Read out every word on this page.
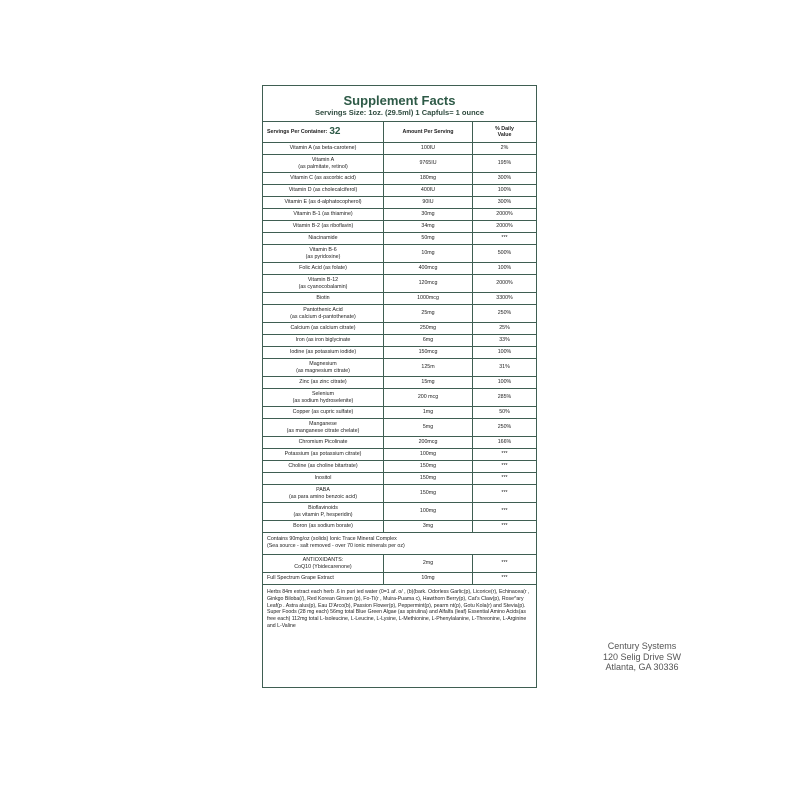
Supplement Facts
Servings Size: 1oz. (29.5ml) 1 Capfuls= 1 ounce
Servings Per Container: 32	Amount Per Serving
% Daily
Value
Vitamin A (as beta-carotene)	100IU	2%
Vitamin A
(as palmitate, retinol)
9765IU	195%
Vitamin C (as ascorbic acid)	180mg	300%
Vitamin D (as cholecalciferol)	400IU	100%
Vitamin E (as d-alphatocopherol)	90IU	300%
Vitamin B-1 (as thiamine)	30mg	2000%
Vitamin B-2 (as riboflavin)	34mg	2000%
Niacinamide	50mg	***
Vitamin B-6
(as pyridoxine)
10mg	500%
Folic Acid (as folate)	400mcg	100%
Vitamin B-12
(as cyanocobalamin)
120mcg	2000%
Biotin	1000mcg	3300%
Pantothenic Acid
(as calcium d-pantothenate)
25mg	250%
Calcium (as calcium citrate)	250mg	25%
Iron (as iron biglycinate	6mg	33%
Iodine (as potassium iodide)	150mcg	100%
Magnesium
(as magnesium citrate)
125m	31%
Zinc (as zinc citrate)	15mg	100%
Selenium
(as sodium hydroselenite)
200 mcg	285%
Copper (as cupric sulfate)	1mg	50%
Manganese
(as manganese citrate chelate)
5mg	250%
Chromium Picolinate	200mcg	166%
Potassium (as potassium citrate)	100mg	***
Choline (as choline bitartrate)	150mg	***
Inositol	150mg	***
PABA
(as para amino benzoic acid)
150mg	***
Bioflavinoids
(as vitamin P, hesperidin)
100mg	***
Boron (as sodium borate)	3mg	***
Contains 90mg/oz (solids) Ionic Trace Mineral Complex
(Sea source - salt removed - over 70 ionic minerals per oz)
ANTIOXIDANTS:
CoQ10 (Ybidecarenone)
2mg	***
Full Spectrum Grape Extract	10mg	***
Herbs 84m extract each herb .6 in puri ied water (0=1 af. o/ , (b)(bark. Odorless Garlic(p), Licorice(r), Echinacea(r , Ginkgo Biloba(/), Red Korean Ginsen (p), Fo-Ti(r , Muira-Puama c), Hawthorn Berry(p), Cat's Claw(p), Rose^ary Leaf(p . Astra alus(p), Eau D'Arco(b), Passion Flower(p), Peppermint(p), pearm nt(p), Gotu Kola(r) and Stevia(p). Super Foods (28 mg each) 56mg total Blue Green Algae (as spirulina) and Alfalfa (leaf) Essential Amino Acids(as free each) 112mg total L-Isoleucine, L-Leucine, L-Lysine, L-Methionine, L-Phenylalanine, L-Threonine, L-Arginine and L-Valine
Century Systems
120 Selig Drive SW
Atlanta, GA 30336
